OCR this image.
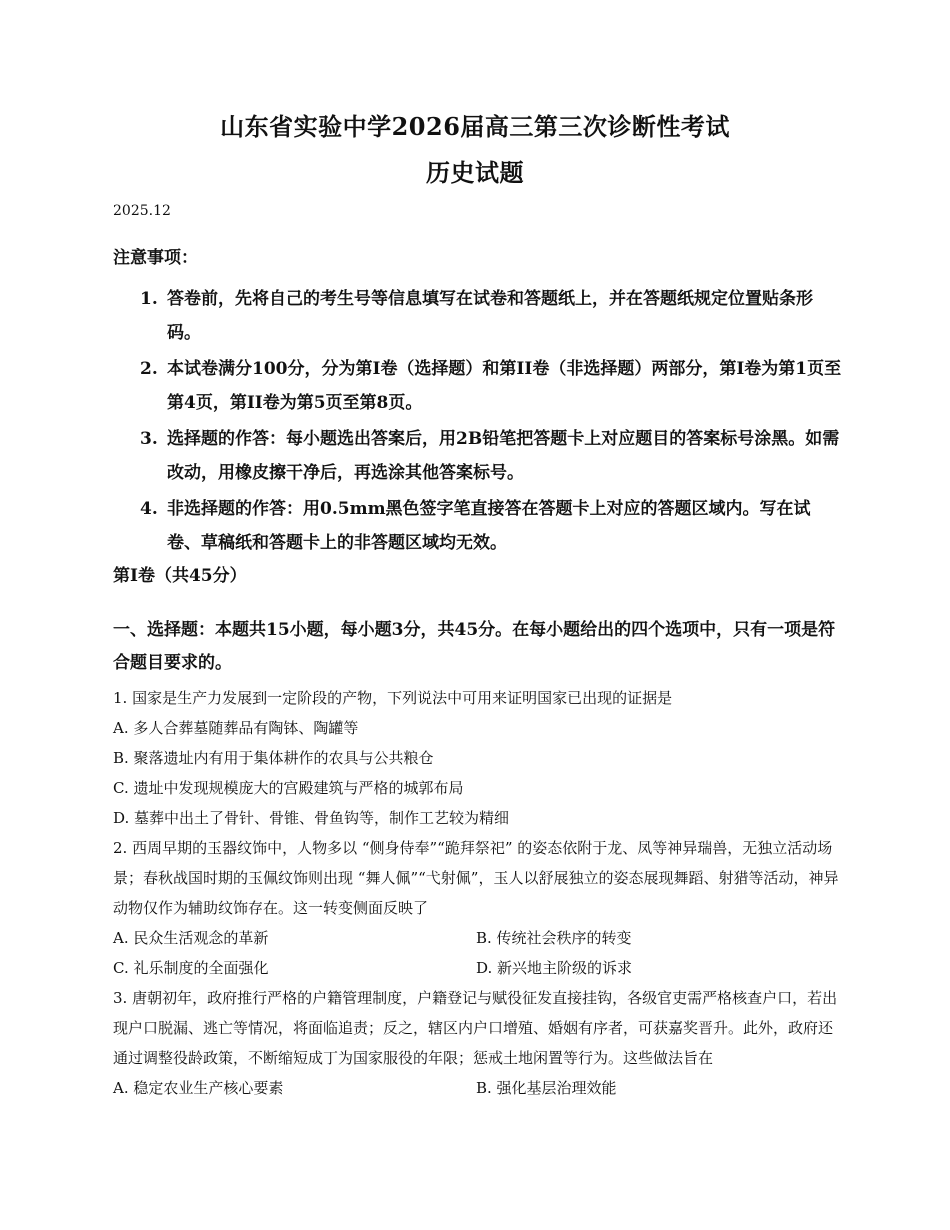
山东省实验中学2026届高三第三次诊断性考试
历史试题
2025.12
注意事项：
1. 答卷前，先将自己的考生号等信息填写在试卷和答题纸上，并在答题纸规定位置贴条形码。
2. 本试卷满分100分，分为第I卷（选择题）和第II卷（非选择题）两部分，第I卷为第1页至第4页，第II卷为第5页至第8页。
3. 选择题的作答：每小题选出答案后，用2B铅笔把答题卡上对应题目的答案标号涂黑。如需改动，用橡皮擦干净后，再选涂其他答案标号。
4. 非选择题的作答：用0.5mm黑色签字笔直接答在答题卡上对应的答题区域内。写在试卷、草稿纸和答题卡上的非答题区域均无效。
第I卷（共45分）
一、选择题：本题共15小题，每小题3分，共45分。在每小题给出的四个选项中，只有一项是符合题目要求的。
1. 国家是生产力发展到一定阶段的产物，下列说法中可用来证明国家已出现的证据是
A. 多人合葬墓随葬品有陶钵、陶罐等
B. 聚落遗址内有用于集体耕作的农具与公共粮仓
C. 遗址中发现规模庞大的宫殿建筑与严格的城郭布局
D. 墓葬中出土了骨针、骨锥、骨鱼钩等，制作工艺较为精细
2. 西周早期的玉器纹饰中，人物多以 “侧身侍奉”“跪拜祭祀” 的姿态依附于龙、凤等神异瑞兽，无独立活动场景；春秋战国时期的玉佩纹饰则出现 “舞人佩”“弋射佩”，玉人以舒展独立的姿态展现舞蹈、射猎等活动，神异动物仅作为辅助纹饰存在。这一转变侧面反映了
A. 民众生活观念的革新	B. 传统社会秩序的转变
C. 礼乐制度的全面强化	D. 新兴地主阶级的诉求
3. 唐朝初年，政府推行严格的户籍管理制度，户籍登记与赋役征发直接挂钩，各级官吏需严格核查户口，若出现户口脱漏、逃亡等情况，将面临追责；反之，辖区内户口增殖、婚姻有序者，可获嘉奖晋升。此外，政府还通过调整役龄政策，不断缩短成丁为国家服役的年限；惩戒土地闲置等行为。这些做法旨在
A. 稳定农业生产核心要素	B. 强化基层治理效能
